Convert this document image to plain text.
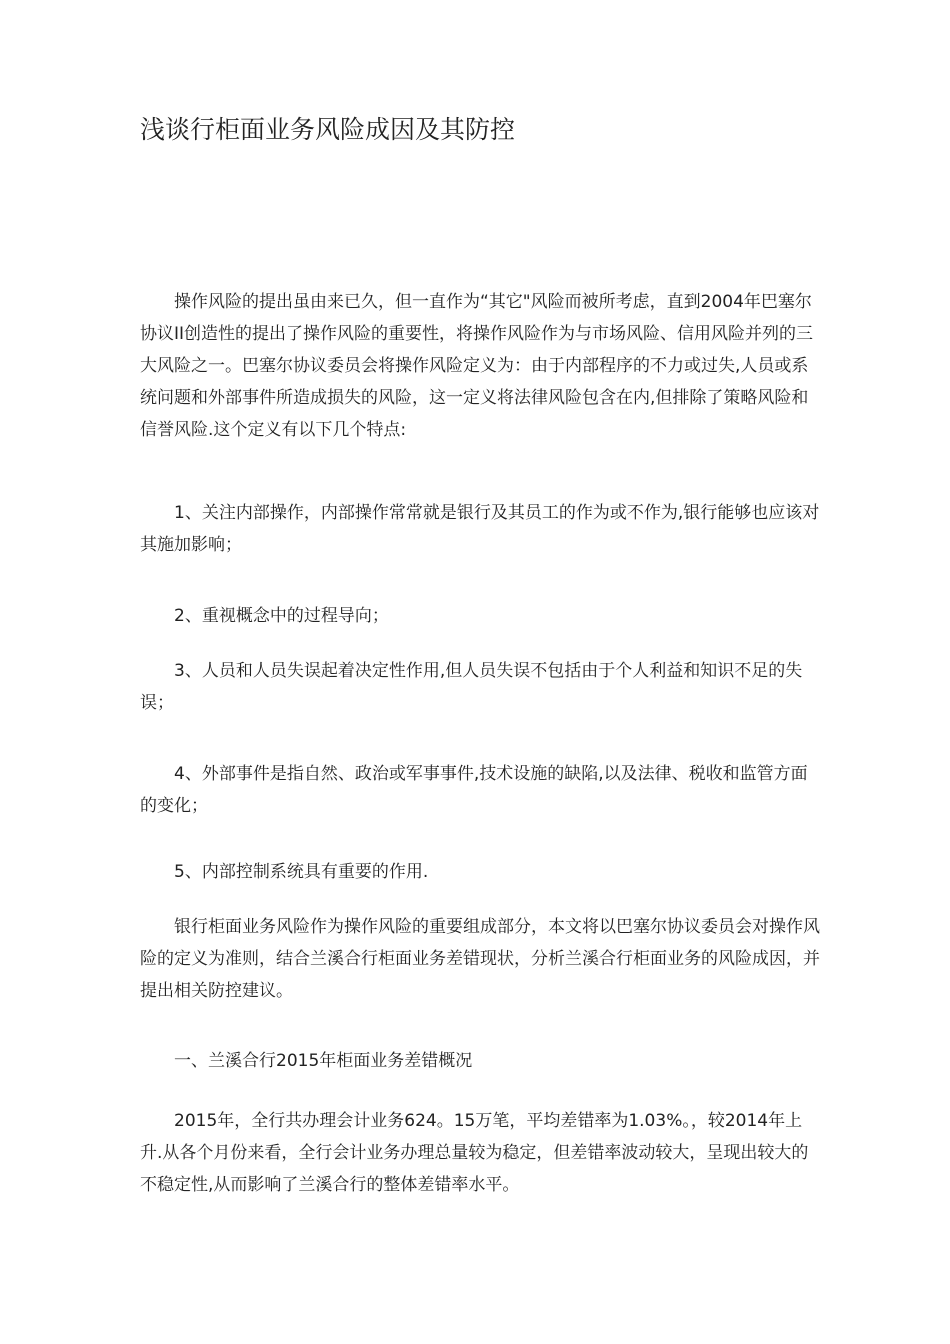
浅谈行柜面业务风险成因及其防控

操作风险的提出虽由来已久，但一直作为“其它"风险而被所考虑，直到2004年巴塞尔协议II创造性的提出了操作风险的重要性，将操作风险作为与市场风险、信用风险并列的三大风险之一。巴塞尔协议委员会将操作风险定义为：由于内部程序的不力或过失,人员或系统问题和外部事件所造成损失的风险，这一定义将法律风险包含在内,但排除了策略风险和信誉风险.这个定义有以下几个特点:

1、关注内部操作，内部操作常常就是银行及其员工的作为或不作为,银行能够也应该对其施加影响；

2、重视概念中的过程导向；

3、人员和人员失误起着决定性作用,但人员失误不包括由于个人利益和知识不足的失误；

4、外部事件是指自然、政治或军事事件,技术设施的缺陷,以及法律、税收和监管方面的变化；

5、内部控制系统具有重要的作用.

银行柜面业务风险作为操作风险的重要组成部分，本文将以巴塞尔协议委员会对操作风险的定义为准则，结合兰溪合行柜面业务差错现状，分析兰溪合行柜面业务的风险成因，并提出相关防控建议。

一、兰溪合行2015年柜面业务差错概况

2015年，全行共办理会计业务624。15万笔，平均差错率为1.03%。，较2014年上升.从各个月份来看，全行会计业务办理总量较为稳定，但差错率波动较大，呈现出较大的不稳定性,从而影响了兰溪合行的整体差错率水平。
